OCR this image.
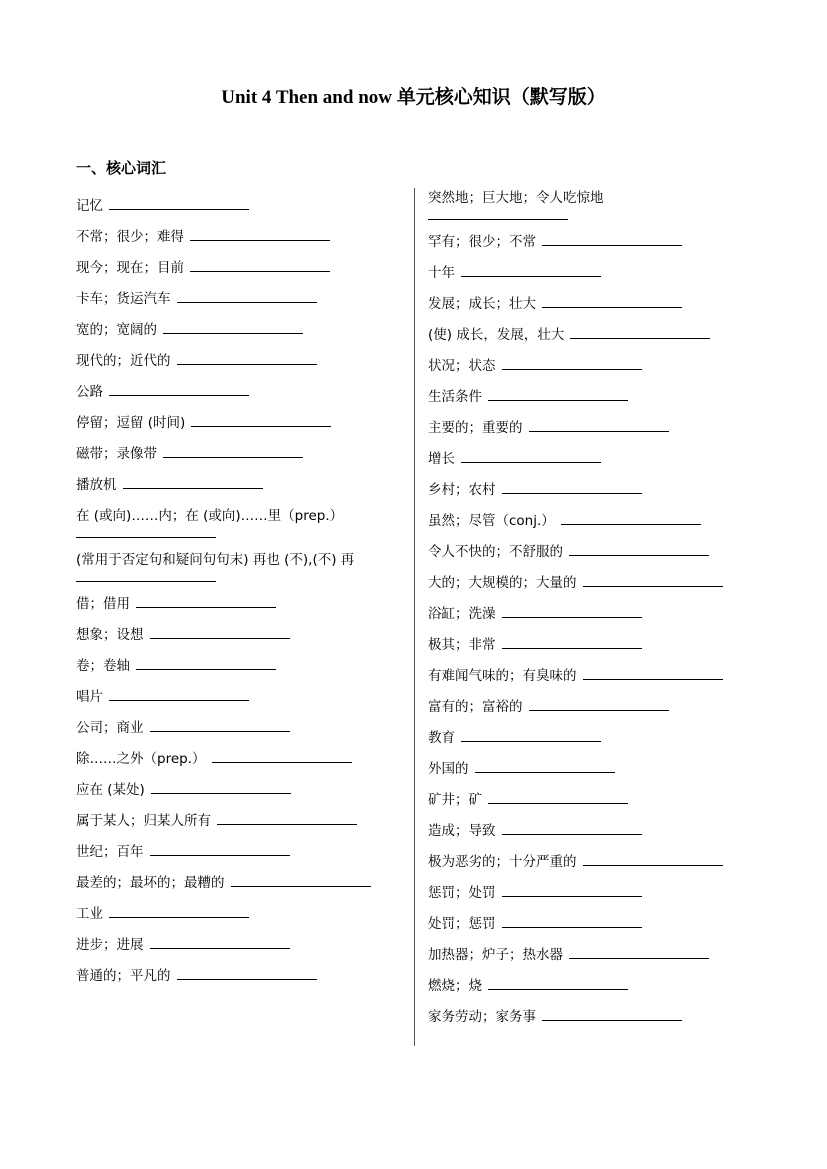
Unit 4 Then and now 单元核心知识（默写版）
一、核心词汇
记忆
不常；很少；难得
现今；现在；目前
卡车；货运汽车
宽的；宽阔的
现代的；近代的
公路
停留；逗留 (时间)
磁带；录像带
播放机
在 (或向)……内；在 (或向)……里（prep.）
(常用于否定句和疑问句句末) 再也 (不),(不) 再
借；借用
想象；设想
卷；卷轴
唱片
公司；商业
除……之外（prep.）
应在 (某处)
属于某人；归某人所有
世纪；百年
最差的；最坏的；最糟的
工业
进步；进展
普通的；平凡的
突然地；巨大地；令人吃惊地
罕有；很少；不常
十年
发展；成长；壮大
(使) 成长，发展，壮大
状况；状态
生活条件
主要的；重要的
增长
乡村；农村
虽然；尽管（conj.）
令人不快的；不舒服的
大的；大规模的；大量的
浴缸；洗澡
极其；非常
有难闻气味的；有臭味的
富有的；富裕的
教育
外国的
矿井；矿
造成；导致
极为恶劣的；十分严重的
惩罚；处罚
处罚；惩罚
加热器；炉子；热水器
燃烧；烧
家务劳动；家务事
